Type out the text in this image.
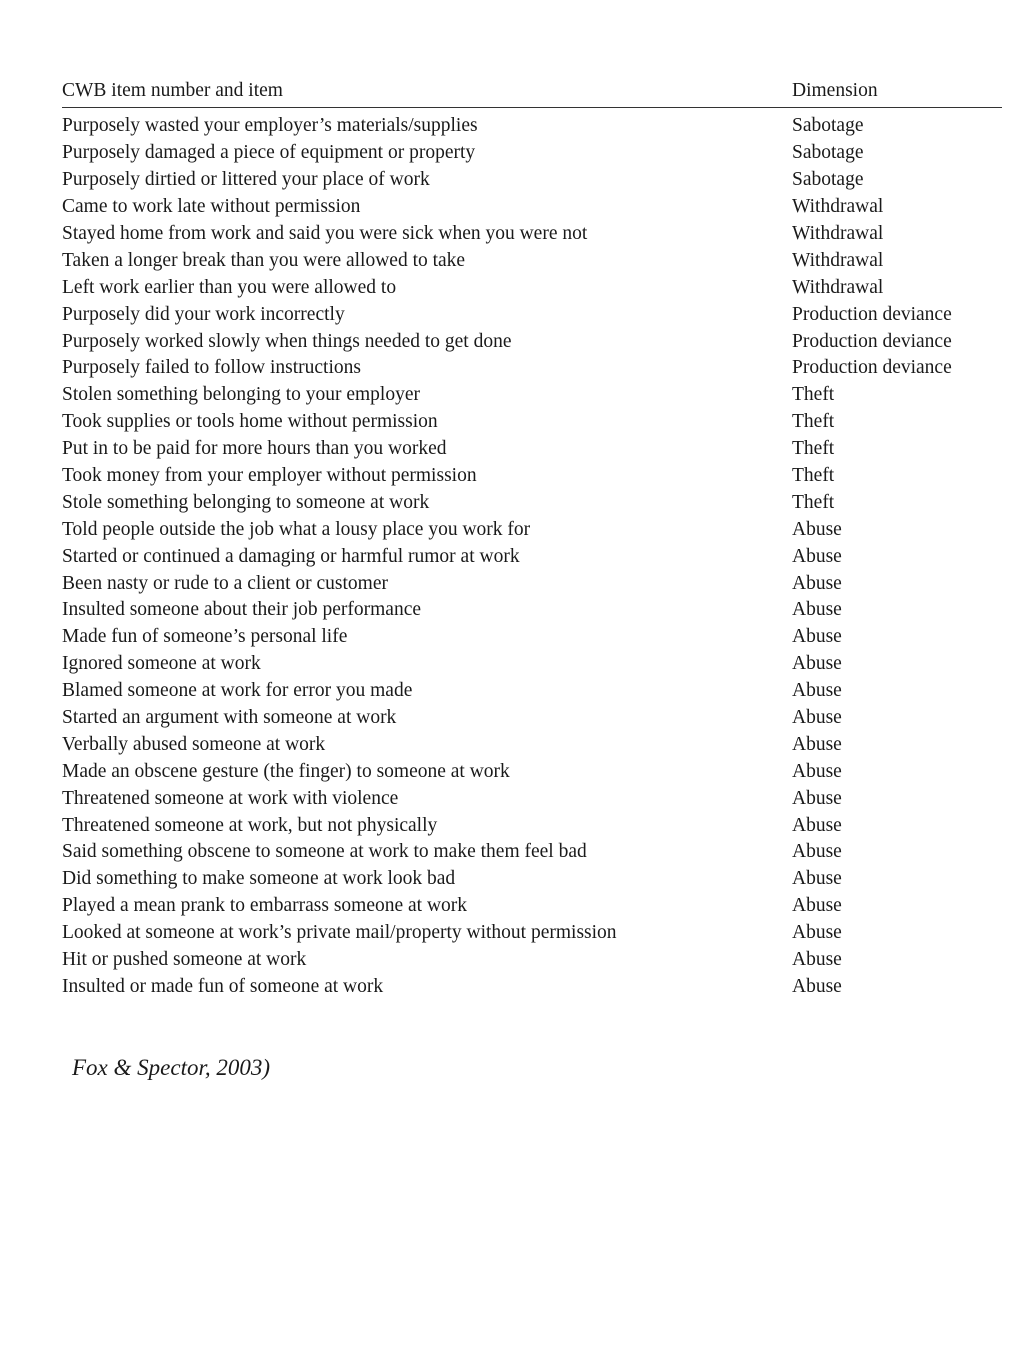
CWB item number and item	Dimension
Purposely wasted your employer’s materials/supplies	Sabotage
Purposely damaged a piece of equipment or property	Sabotage
Purposely dirtied or littered your place of work	Sabotage
Came to work late without permission	Withdrawal
Stayed home from work and said you were sick when you were not	Withdrawal
Taken a longer break than you were allowed to take	Withdrawal
Left work earlier than you were allowed to	Withdrawal
Purposely did your work incorrectly	Production deviance
Purposely worked slowly when things needed to get done	Production deviance
Purposely failed to follow instructions	Production deviance
Stolen something belonging to your employer	Theft
Took supplies or tools home without permission	Theft
Put in to be paid for more hours than you worked	Theft
Took money from your employer without permission	Theft
Stole something belonging to someone at work	Theft
Told people outside the job what a lousy place you work for	Abuse
Started or continued a damaging or harmful rumor at work	Abuse
Been nasty or rude to a client or customer	Abuse
Insulted someone about their job performance	Abuse
Made fun of someone’s personal life	Abuse
Ignored someone at work	Abuse
Blamed someone at work for error you made	Abuse
Started an argument with someone at work	Abuse
Verbally abused someone at work	Abuse
Made an obscene gesture (the finger) to someone at work	Abuse
Threatened someone at work with violence	Abuse
Threatened someone at work, but not physically	Abuse
Said something obscene to someone at work to make them feel bad	Abuse
Did something to make someone at work look bad	Abuse
Played a mean prank to embarrass someone at work	Abuse
Looked at someone at work’s private mail/property without permission	Abuse
Hit or pushed someone at work	Abuse
Insulted or made fun of someone at work	Abuse
Fox & Spector, 2003)
